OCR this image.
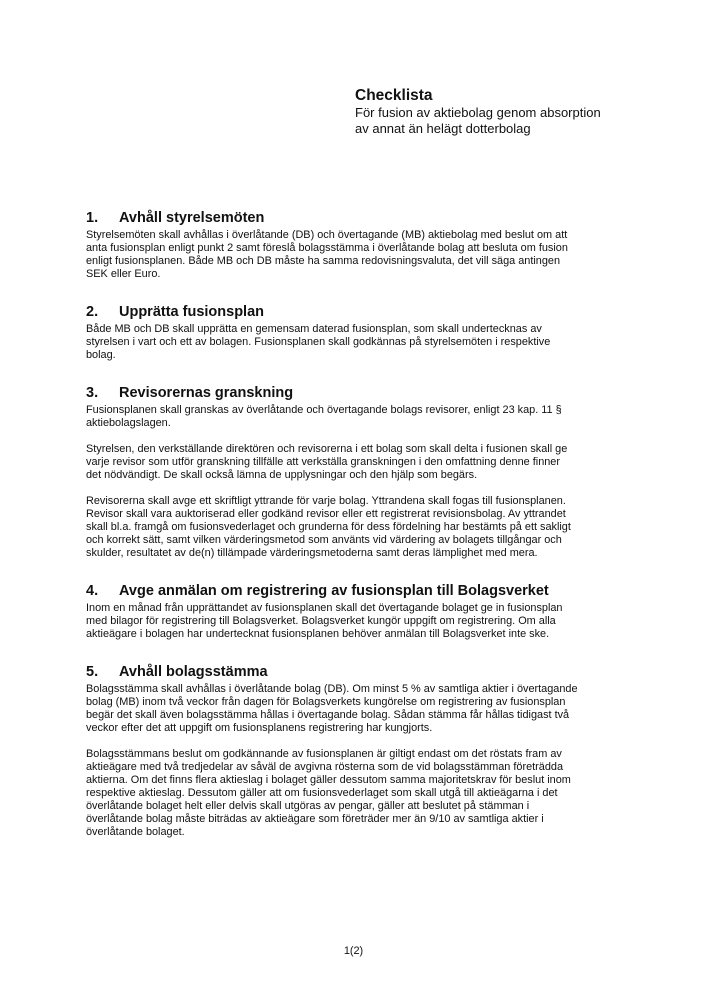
Checklista

För fusion av aktiebolag genom absorption
av annat än helägt dotterbolag

1.	Avhåll styrelsemöten

Styrelsemöten skall avhållas i överlåtande (DB) och övertagande (MB) aktiebolag med beslut om att
anta fusionsplan enligt punkt 2 samt föreslå bolagsstämma i överlåtande bolag att besluta om fusion
enligt fusionsplanen. Både MB och DB måste ha samma redovisningsvaluta, det vill säga antingen
SEK eller Euro.

2.	Upprätta fusionsplan

Både MB och DB skall upprätta en gemensam daterad fusionsplan, som skall undertecknas av
styrelsen i vart och ett av bolagen. Fusionsplanen skall godkännas på styrelsemöten i respektive
bolag.

3.	Revisorernas granskning

Fusionsplanen skall granskas av överlåtande och övertagande bolags revisorer, enligt 23 kap. 11 §
aktiebolagslagen.

Styrelsen, den verkställande direktören och revisorerna i ett bolag som skall delta i fusionen skall ge
varje revisor som utför granskning tillfälle att verkställa granskningen i den omfattning denne finner
det nödvändigt. De skall också lämna de upplysningar och den hjälp som begärs.

Revisorerna skall avge ett skriftligt yttrande för varje bolag. Yttrandena skall fogas till fusionsplanen.
Revisor skall vara auktoriserad eller godkänd revisor eller ett registrerat revisionsbolag. Av yttrandet
skall bl.a. framgå om fusionsvederlaget och grunderna för dess fördelning har bestämts på ett sakligt
och korrekt sätt, samt vilken värderingsmetod som använts vid värdering av bolagets tillgångar och
skulder, resultatet av de(n) tillämpade värderingsmetoderna samt deras lämplighet med mera.

4.	Avge anmälan om registrering av fusionsplan till Bolagsverket

Inom en månad från upprättandet av fusionsplanen skall det övertagande bolaget ge in fusionsplan
med bilagor för registrering till Bolagsverket. Bolagsverket kungör uppgift om registrering. Om alla
aktieägare i bolagen har undertecknat fusionsplanen behöver anmälan till Bolagsverket inte ske.

5.	Avhåll bolagsstämma

Bolagsstämma skall avhållas i överlåtande bolag (DB). Om minst 5 % av samtliga aktier i övertagande
bolag (MB) inom två veckor från dagen för Bolagsverkets kungörelse om registrering av fusionsplan
begär det skall även bolagsstämma hållas i övertagande bolag. Sådan stämma får hållas tidigast två
veckor efter det att uppgift om fusionsplanens registrering har kungjorts.

Bolagsstämmans beslut om godkännande av fusionsplanen är giltigt endast om det röstats fram av
aktieägare med två tredjedelar av såväl de avgivna rösterna som de vid bolagsstämman företrädda
aktierna. Om det finns flera aktieslag i bolaget gäller dessutom samma majoritetskrav för beslut inom
respektive aktieslag. Dessutom gäller att om fusionsvederlaget som skall utgå till aktieägarna i det
överlåtande bolaget helt eller delvis skall utgöras av pengar, gäller att beslutet på stämman i
överlåtande bolag måste biträdas av aktieägare som företräder mer än 9/10 av samtliga aktier i
överlåtande bolaget.

1(2)
